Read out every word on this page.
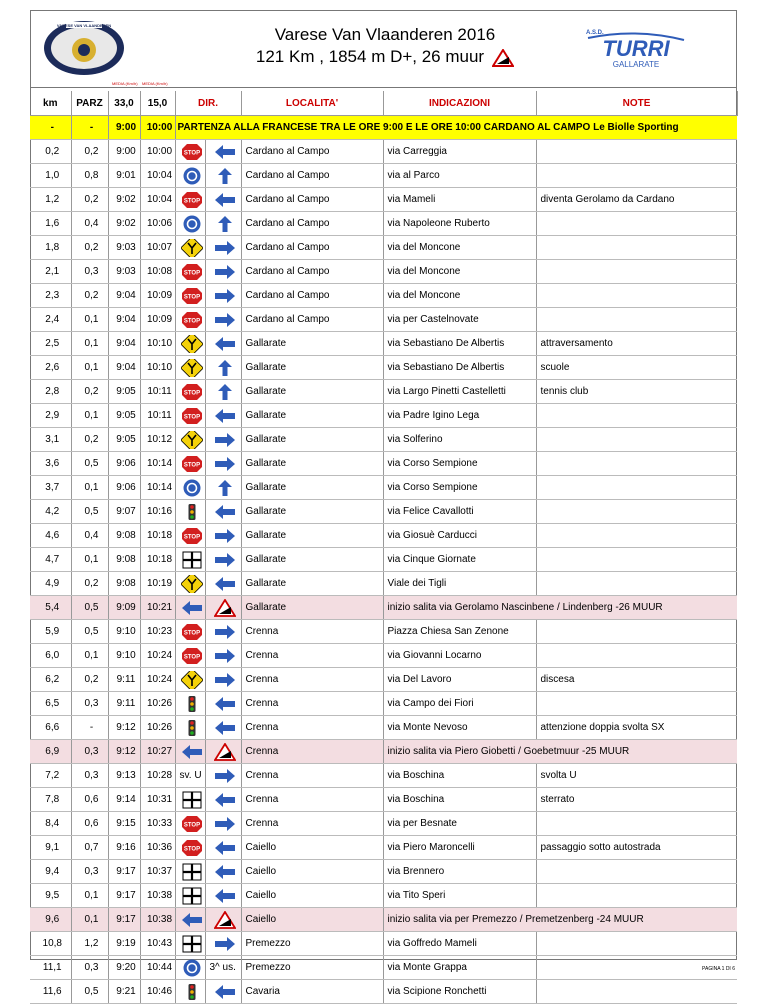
VARESE VAN VLAANDEREN	Varese Van Vlaanderen 2016
121 Km , 1854 m D+, 26 muur
A.S.D.
TURRI
GALLARATE
MEDIA (Km/h) MEDIA (Km/h)
km	PARZ	33,0	15,0	DIR.		LOCALITA'	INDICAZIONI	NOTE
-	-	9:00	10:00	PARTENZA ALLA FRANCESE TRA LE ORE 9:00 E LE ORE 10:00 CARDANO AL CAMPO Le Biolle Sporting				
0,2	0,2	9:00	10:00	STOP		Cardano al Campo	via Carreggia	
1,0	0,8	9:01	10:04			Cardano al Campo	via al Parco	
1,2	0,2	9:02	10:04	STOP		Cardano al Campo	via Mameli	diventa Gerolamo da Cardano
1,6	0,4	9:02	10:06			Cardano al Campo	via Napoleone Ruberto	
1,8	0,2	9:03	10:07			Cardano al Campo	via del Moncone	
2,1	0,3	9:03	10:08	STOP		Cardano al Campo	via del Moncone	
2,3	0,2	9:04	10:09	STOP		Cardano al Campo	via del Moncone	
2,4	0,1	9:04	10:09	STOP		Cardano al Campo	via per Castelnovate	
2,5	0,1	9:04	10:10			Gallarate	via Sebastiano De Albertis	attraversamento
2,6	0,1	9:04	10:10			Gallarate	via Sebastiano De Albertis	scuole
2,8	0,2	9:05	10:11	STOP		Gallarate	via Largo Pinetti Castelletti	tennis club
2,9	0,1	9:05	10:11	STOP		Gallarate	via Padre Igino Lega	
3,1	0,2	9:05	10:12			Gallarate	via Solferino	
3,6	0,5	9:06	10:14	STOP		Gallarate	via Corso Sempione	
3,7	0,1	9:06	10:14			Gallarate	via Corso Sempione	
4,2	0,5	9:07	10:16			Gallarate	via Felice Cavallotti	
4,6	0,4	9:08	10:18	STOP		Gallarate	via Giosuè Carducci	
4,7	0,1	9:08	10:18			Gallarate	via Cinque Giornate	
4,9	0,2	9:08	10:19			Gallarate	Viale dei Tigli	
5,4	0,5	9:09	10:21			Gallarate	inizio salita via Gerolamo Nascinbene / Lindenberg -26 MUUR	
5,9	0,5	9:10	10:23	STOP		Crenna	Piazza Chiesa San Zenone	
6,0	0,1	9:10	10:24	STOP		Crenna	via Giovanni Locarno	
6,2	0,2	9:11	10:24			Crenna	via Del Lavoro	discesa
6,5	0,3	9:11	10:26			Crenna	via Campo dei Fiori	
6,6	-	9:12	10:26			Crenna	via Monte Nevoso	attenzione doppia svolta SX
6,9	0,3	9:12	10:27			Crenna	inizio salita via Piero Giobetti / Goebetmuur -25 MUUR	
7,2	0,3	9:13	10:28	sv. U		Crenna	via Boschina	svolta U
7,8	0,6	9:14	10:31			Crenna	via Boschina	sterrato
8,4	0,6	9:15	10:33	STOP		Crenna	via per Besnate	
9,1	0,7	9:16	10:36	STOP		Caiello	via Piero Maroncelli	passaggio sotto autostrada
9,4	0,3	9:17	10:37			Caiello	via Brennero	
9,5	0,1	9:17	10:38			Caiello	via Tito Speri	
9,6	0,1	9:17	10:38			Caiello	inizio salita via per Premezzo / Premetzenberg -24 MUUR	
10,8	1,2	9:19	10:43			Premezzo	via Goffredo Mameli	
11,1	0,3	9:20	10:44		3^ us.	Premezzo	via Monte Grappa	
11,6	0,5	9:21	10:46			Cavaria	via Scipione Ronchetti	
PAGINA 1 DI 6
